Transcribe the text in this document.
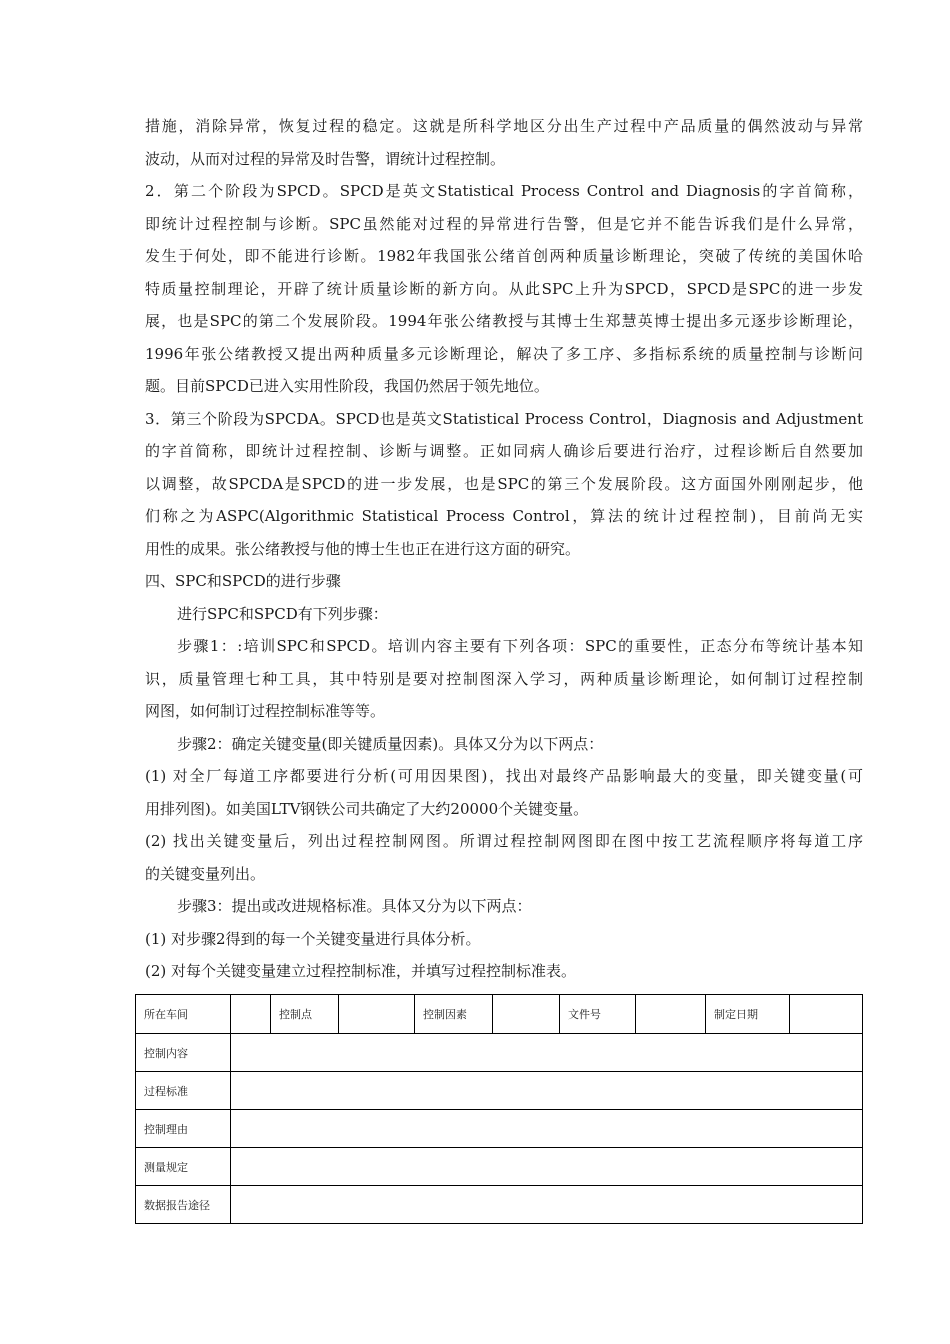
措施，消除异常，恢复过程的稳定。这就是所科学地区分出生产过程中产品质量的偶然波动与异常
波动，从而对过程的异常及时告警，谓统计过程控制。
2．第二个阶段为SPCD。SPCD是英文Statistical Process Control and Diagnosis的字首简称，
即统计过程控制与诊断。SPC虽然能对过程的异常进行告警，但是它并不能告诉我们是什么异常，
发生于何处，即不能进行诊断。1982年我国张公绪首创两种质量诊断理论，突破了传统的美国休哈
特质量控制理论，开辟了统计质量诊断的新方向。从此SPC上升为SPCD，SPCD是SPC的进一步发
展，也是SPC的第二个发展阶段。1994年张公绪教授与其博士生郑慧英博士提出多元逐步诊断理论，
1996年张公绪教授又提出两种质量多元诊断理论，解决了多工序、多指标系统的质量控制与诊断问
题。目前SPCD已进入实用性阶段，我国仍然居于领先地位。
3．第三个阶段为SPCDA。SPCD也是英文Statistical Process Control，Diagnosis and Adjustment
的字首简称，即统计过程控制、诊断与调整。正如同病人确诊后要进行治疗，过程诊断后自然要加
以调整，故SPCDA是SPCD的进一步发展，也是SPC的第三个发展阶段。这方面国外刚刚起步，他
们称之为ASPC(Algorithmic Statistical Process Control，算法的统计过程控制)，目前尚无实
用性的成果。张公绪教授与他的博士生也正在进行这方面的研究。
四、SPC和SPCD的进行步骤
进行SPC和SPCD有下列步骤：
步骤1：:培训SPC和SPCD。培训内容主要有下列各项：SPC的重要性，正态分布等统计基本知
识，质量管理七种工具，其中特别是要对控制图深入学习，两种质量诊断理论，如何制订过程控制
网图，如何制订过程控制标准等等。
步骤2：确定关键变量(即关键质量因素)。具体又分为以下两点：
(1) 对全厂每道工序都要进行分析(可用因果图)，找出对最终产品影响最大的变量，即关键变量(可
用排列图)。如美国LTV钢铁公司共确定了大约20000个关键变量。
(2) 找出关键变量后，列出过程控制网图。所谓过程控制网图即在图中按工艺流程顺序将每道工序
的关键变量列出。
步骤3：提出或改进规格标准。具体又分为以下两点：
(1) 对步骤2得到的每一个关键变量进行具体分析。
(2) 对每个关键变量建立过程控制标准，并填写过程控制标准表。
所在车间		控制点		控制因素		文件号		制定日期	
控制内容									
过程标准									
控制理由									
测量规定									
数据报告途径									
